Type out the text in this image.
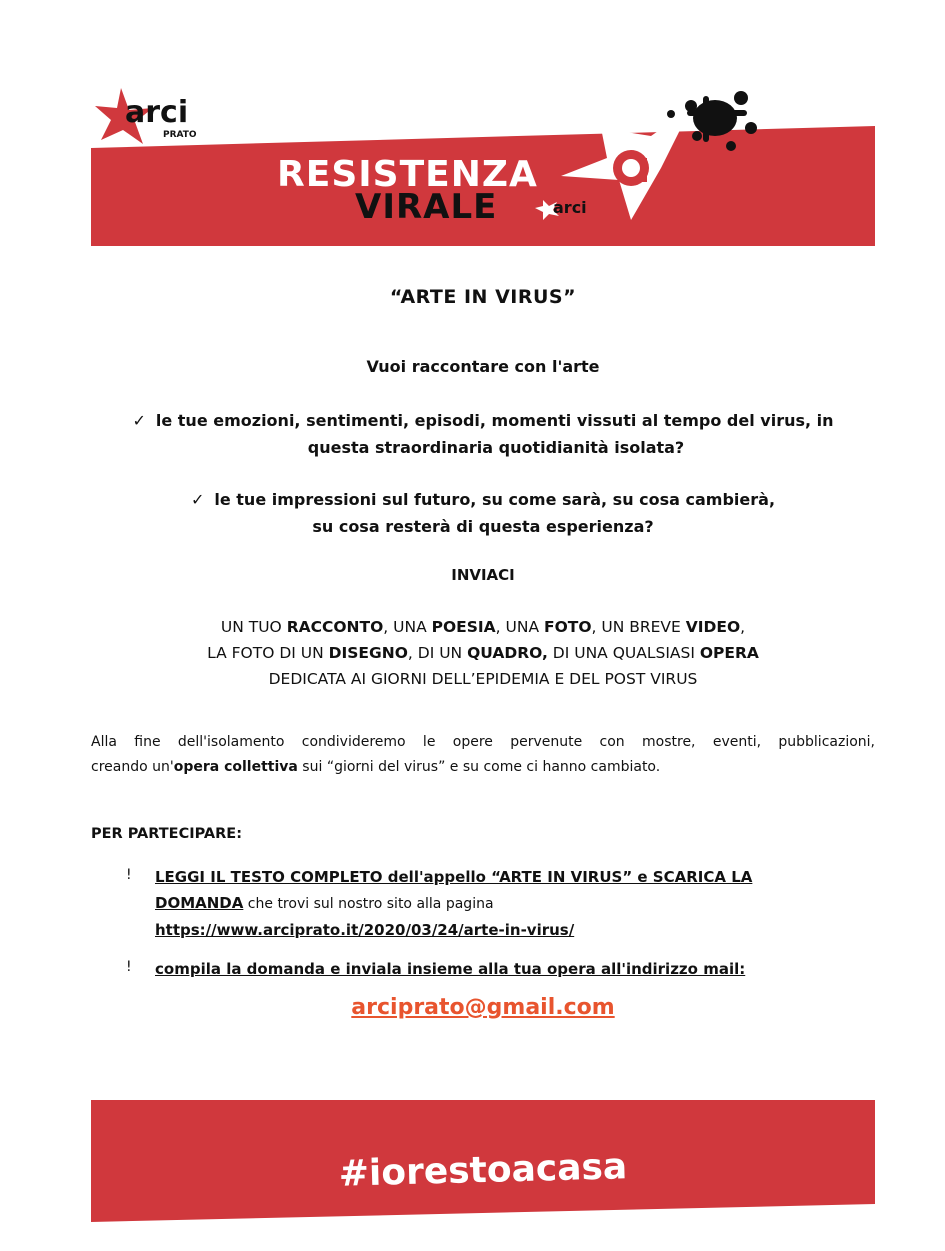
arci
PRATO
RESISTENZA
VIRALE	arci
“ARTE IN VIRUS”
Vuoi raccontare con l'arte
✓ le tue emozioni, sentimenti, episodi, momenti vissuti al tempo del virus, in
questa straordinaria quotidianità isolata?
✓ le tue impressioni sul futuro, su come sarà, su cosa cambierà,
su cosa resterà di questa esperienza?
INVIACI
UN TUO RACCONTO, UNA POESIA, UNA FOTO, UN BREVE VIDEO,
LA FOTO DI UN DISEGNO, DI UN QUADRO, DI UNA QUALSIASI OPERA
DEDICATA AI GIORNI DELL’EPIDEMIA E DEL POST VIRUS
Alla fine dell'isolamento condivideremo le opere pervenute con mostre, eventi, pubblicazioni,
creando un'opera collettiva sui “giorni del virus” e su come ci hanno cambiato.
PER PARTECIPARE:
! LEGGI IL TESTO COMPLETO dell'appello “ARTE IN VIRUS” e SCARICA LA
DOMANDA che trovi sul nostro sito alla pagina
https://www.arciprato.it/2020/03/24/arte-in-virus/
! compila la domanda e inviala insieme alla tua opera all'indirizzo mail:
arciprato@gmail.com
#iorestoacasa
